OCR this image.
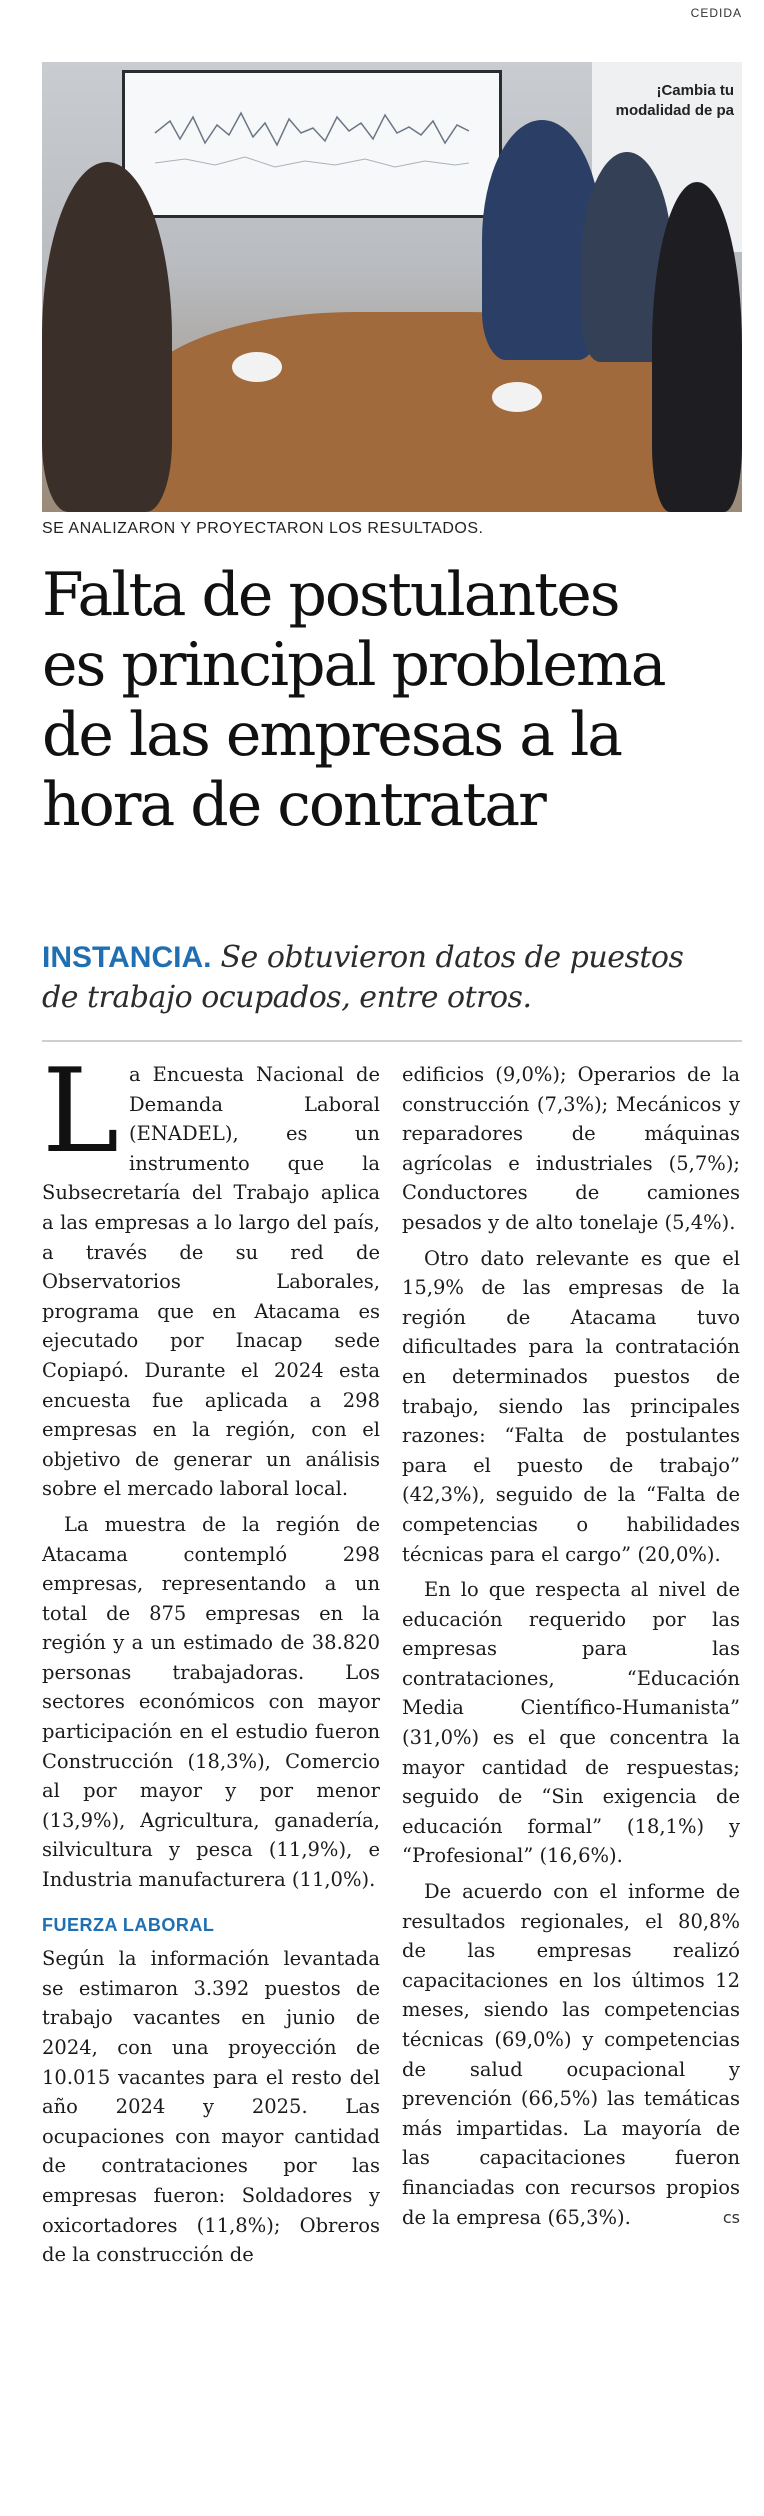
CEDIDA
¡Cambia tu
modalidad de pa
SE ANALIZARON Y PROYECTARON LOS RESULTADOS.
Falta de postulantes
es principal problema
de las empresas a la
hora de contratar
INSTANCIA. Se obtuvieron datos de puestos
de trabajo ocupados, entre otros.

La Encuesta Nacional de Demanda Laboral (ENADEL), es un instrumento que la Subsecretaría del Trabajo aplica a las empresas a lo largo del país, a través de su red de Observatorios Laborales, programa que en Atacama es ejecutado por Inacap sede Copiapó. Durante el 2024 esta encuesta fue aplicada a 298 empresas en la región, con el objetivo de generar un análisis sobre el mercado laboral local.

La muestra de la región de Atacama contempló 298 empresas, representando a un total de 875 empresas en la región y a un estimado de 38.820 personas trabajadoras. Los sectores económicos con mayor participación en el estudio fueron Construcción (18,3%), Comercio al por mayor y por menor (13,9%), Agricultura, ganadería, silvicultura y pesca (11,9%), e Industria manufacturera (11,0%).

FUERZA LABORAL

Según la información levantada se estimaron 3.392 puestos de trabajo vacantes en junio de 2024, con una proyección de 10.015 vacantes para el resto del año 2024 y 2025. Las ocupaciones con mayor cantidad de contrataciones por las empresas fueron: Soldadores y oxicortadores (11,8%); Obreros de la construcción de

edificios (9,0%); Operarios de la construcción (7,3%); Mecánicos y reparadores de máquinas agrícolas e industriales (5,7%); Conductores de camiones pesados y de alto tonelaje (5,4%).

Otro dato relevante es que el 15,9% de las empresas de la región de Atacama tuvo dificultades para la contratación en determinados puestos de trabajo, siendo las principales razones: “Falta de postulantes para el puesto de trabajo” (42,3%), seguido de la “Falta de competencias o habilidades técnicas para el cargo” (20,0%).

En lo que respecta al nivel de educación requerido por las empresas para las contrataciones, “Educación Media Científico-Humanista” (31,0%) es el que concentra la mayor cantidad de respuestas; seguido de “Sin exigencia de educación formal” (18,1%) y “Profesional” (16,6%).

De acuerdo con el informe de resultados regionales, el 80,8% de las empresas realizó capacitaciones en los últimos 12 meses, siendo las competencias técnicas (69,0%) y competencias de salud ocupacional y prevención (66,5%) las temáticas más impartidas. La mayoría de las capacitaciones fueron financiadas con recursos propios de la empresa (65,3%).	cs
